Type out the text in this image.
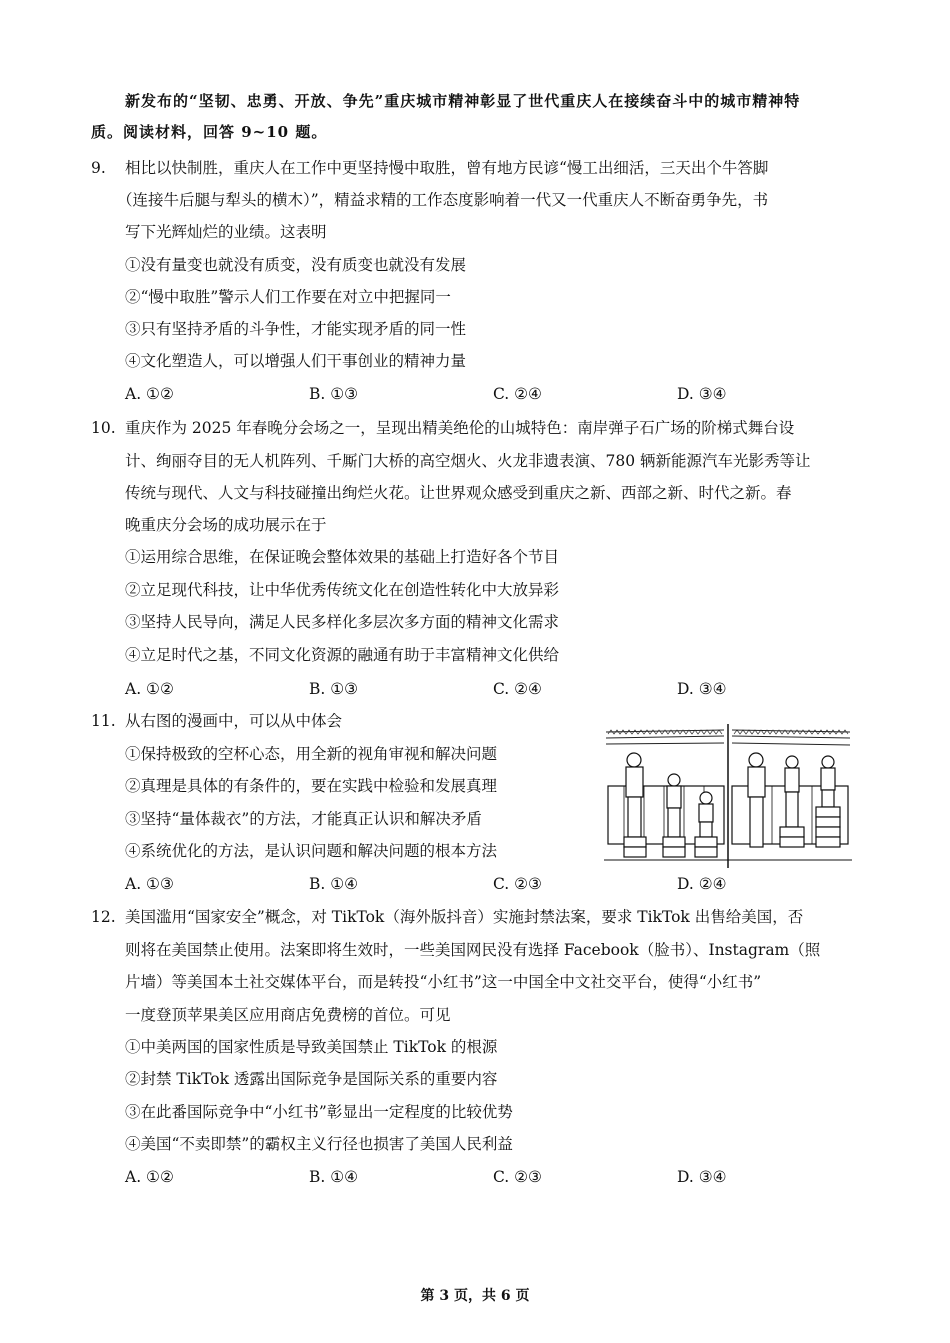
新发布的“坚韧、忠勇、开放、争先”重庆城市精神彰显了世代重庆人在接续奋斗中的城市精神特
质。阅读材料，回答 9~10 题。
9. 相比以快制胜，重庆人在工作中更坚持慢中取胜，曾有地方民谚“慢工出细活，三天出个牛答脚
（连接牛后腿与犁头的横木）”，精益求精的工作态度影响着一代又一代重庆人不断奋勇争先，书
写下光辉灿烂的业绩。这表明
①没有量变也就没有质变，没有质变也就没有发展
②“慢中取胜”警示人们工作要在对立中把握同一
③只有坚持矛盾的斗争性，才能实现矛盾的同一性
④文化塑造人，可以增强人们干事创业的精神力量
A. ①②	B. ①③	C. ②④	D. ③④
10. 重庆作为 2025 年春晚分会场之一，呈现出精美绝伦的山城特色：南岸弹子石广场的阶梯式舞台设
计、绚丽夺目的无人机阵列、千厮门大桥的高空烟火、火龙非遗表演、780 辆新能源汽车光影秀等让
传统与现代、人文与科技碰撞出绚烂火花。让世界观众感受到重庆之新、西部之新、时代之新。春
晚重庆分会场的成功展示在于
①运用综合思维，在保证晚会整体效果的基础上打造好各个节目
②立足现代科技，让中华优秀传统文化在创造性转化中大放异彩
③坚持人民导向，满足人民多样化多层次多方面的精神文化需求
④立足时代之基，不同文化资源的融通有助于丰富精神文化供给
A. ①②	B. ①③	C. ②④	D. ③④
11. 从右图的漫画中，可以从中体会
①保持极致的空杯心态，用全新的视角审视和解决问题
②真理是具体的有条件的，要在实践中检验和发展真理
③坚持“量体裁衣”的方法，才能真正认识和解决矛盾
④系统优化的方法，是认识问题和解决问题的根本方法
A. ①③	B. ①④	C. ②③	D. ②④
12. 美国滥用“国家安全”概念，对 TikTok（海外版抖音）实施封禁法案，要求 TikTok 出售给美国，否
则将在美国禁止使用。法案即将生效时，一些美国网民没有选择 Facebook（脸书）、Instagram（照
片墙）等美国本土社交媒体平台，而是转投“小红书”这一中国全中文社交平台，使得“小红书”
一度登顶苹果美区应用商店免费榜的首位。可见
①中美两国的国家性质是导致美国禁止 TikTok 的根源
②封禁 TikTok 透露出国际竞争是国际关系的重要内容
③在此番国际竞争中“小红书”彰显出一定程度的比较优势
④美国“不卖即禁”的霸权主义行径也损害了美国人民利益
A. ①②	B. ①④	C. ②③	D. ③④
第 3 页，共 6 页
